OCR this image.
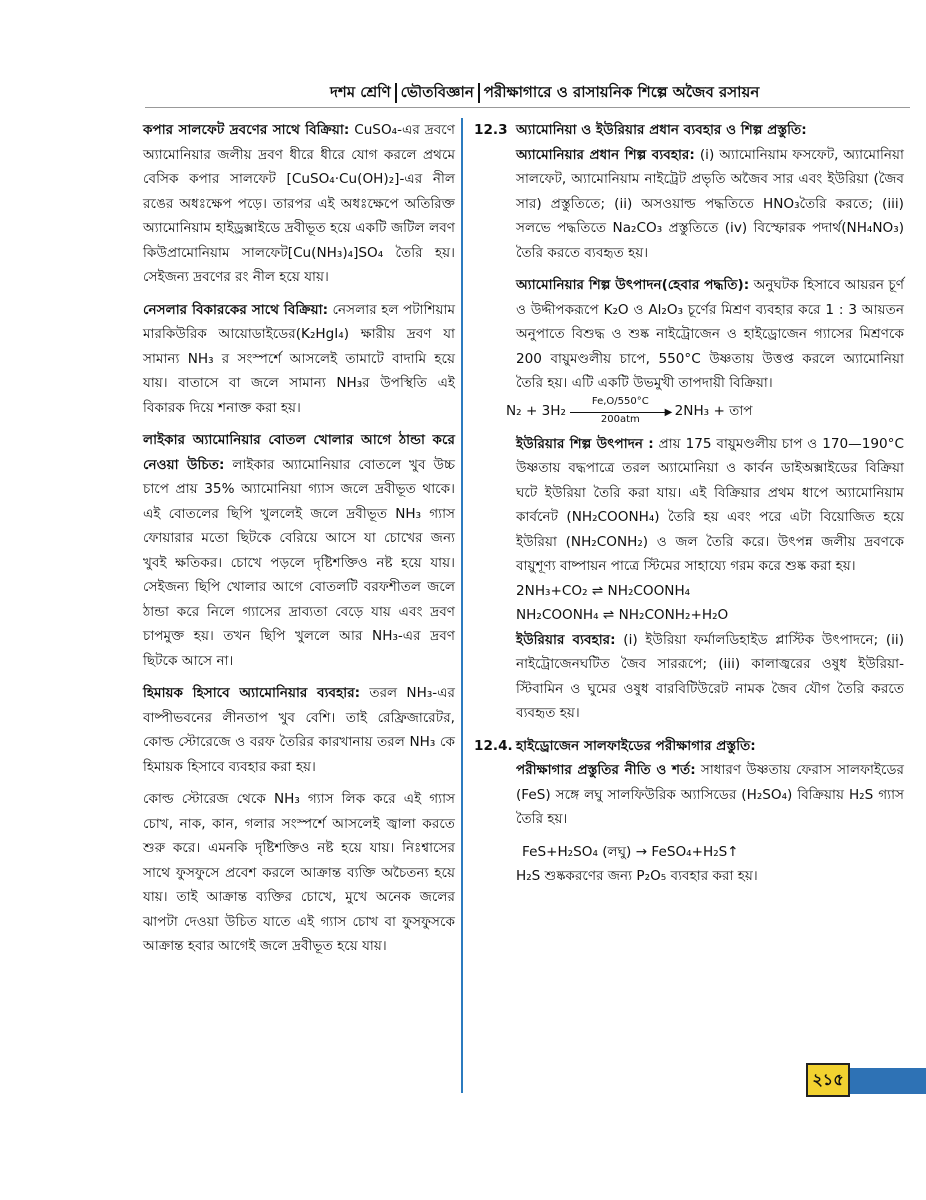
দশম শ্রেণি ভৌতবিজ্ঞান পরীক্ষাগারে ও রাসায়নিক শিল্পে অজৈব রসায়ন

কপার সালফেট দ্রবণের সাথে বিক্রিয়া: CuSO₄-এর দ্রবণে অ্যামোনিয়ার জলীয় দ্রবণ ধীরে ধীরে যোগ করলে প্রথমে বেসিক কপার সালফেট [CuSO₄·Cu(OH)₂]-এর নীল রঙের অধঃক্ষেপ পড়ে। তারপর এই অধঃক্ষেপে অতিরিক্ত অ্যামোনিয়াম হাইড্রক্সাইডে দ্রবীভূত হয়ে একটি জটিল লবণ কিউপ্রামোনিয়াম সালফেট[Cu(NH₃)₄]SO₄ তৈরি হয়। সেইজন্য দ্রবণের রং নীল হয়ে যায়।

নেসলার বিকারকের সাথে বিক্রিয়া: নেসলার হল পটাশিয়াম মারকিউরিক আয়োডাইডের(K₂HgI₄) ক্ষারীয় দ্রবণ যা সামান্য NH₃ র সংস্পর্শে আসলেই তামাটে বাদামি হয়ে যায়। বাতাসে বা জলে সামান্য NH₃র উপস্থিতি এই বিকারক দিয়ে শনাক্ত করা হয়।

লাইকার অ্যামোনিয়ার বোতল খোলার আগে ঠান্ডা করে নেওয়া উচিত: লাইকার অ্যামোনিয়ার বোতলে খুব উচ্চ চাপে প্রায় 35% অ্যামোনিয়া গ্যাস জলে দ্রবীভূত থাকে। এই বোতলের ছিপি খুললেই জলে দ্রবীভূত NH₃ গ্যাস ফোয়ারার মতো ছিটকে বেরিয়ে আসে যা চোখের জন্য খুবই ক্ষতিকর। চোখে পড়লে দৃষ্টিশক্তিও নষ্ট হয়ে যায়। সেইজন্য ছিপি খোলার আগে বোতলটি বরফশীতল জলে ঠান্ডা করে নিলে গ্যাসের দ্রাব্যতা বেড়ে যায় এবং দ্রবণ চাপমুক্ত হয়। তখন ছিপি খুললে আর NH₃-এর দ্রবণ ছিটকে আসে না।

হিমায়ক হিসাবে অ্যামোনিয়ার ব্যবহার: তরল NH₃-এর বাষ্পীভবনের লীনতাপ খুব বেশি। তাই রেফ্রিজারেটর, কোল্ড স্টোরেজে ও বরফ তৈরির কারখানায় তরল NH₃ কে হিমায়ক হিসাবে ব্যবহার করা হয়।

কোল্ড স্টোরেজ থেকে NH₃ গ্যাস লিক করে এই গ্যাস চোখ, নাক, কান, গলার সংস্পর্শে আসলেই জ্বালা করতে শুরু করে। এমনকি দৃষ্টিশক্তিও নষ্ট হয়ে যায়। নিঃশ্বাসের সাথে ফুসফুসে প্রবেশ করলে আক্রান্ত ব্যক্তি অচৈতন্য হয়ে যায়। তাই আক্রান্ত ব্যক্তির চোখে, মুখে অনেক জলের ঝাপটা দেওয়া উচিত যাতে এই গ্যাস চোখ বা ফুসফুসকে আক্রান্ত হবার আগেই জলে দ্রবীভূত হয়ে যায়।

12.3 অ্যামোনিয়া ও ইউরিয়ার প্রধান ব্যবহার ও শিল্প প্রস্তুতি:

অ্যামোনিয়ার প্রধান শিল্প ব্যবহার: (i) অ্যামোনিয়াম ফসফেট, অ্যামোনিয়া সালফেট, অ্যামোনিয়াম নাইট্রেট প্রভৃতি অজৈব সার এবং ইউরিয়া (জৈব সার) প্রস্তুতিতে; (ii) অসওয়াল্ড পদ্ধতিতে HNO₃তৈরি করতে; (iii) সলভে পদ্ধতিতে Na₂CO₃ প্রস্তুতিতে (iv) বিস্ফোরক পদার্থ(NH₄NO₃) তৈরি করতে ব্যবহৃত হয়।

অ্যামোনিয়ার শিল্প উৎপাদন(হেবার পদ্ধতি): অনুঘটক হিসাবে আয়রন চূর্ণ ও উদ্দীপকরূপে K₂O ও Al₂O₃ চূর্ণের মিশ্রণ ব্যবহার করে 1 : 3 আয়তন অনুপাতে বিশুদ্ধ ও শুষ্ক নাইট্রোজেন ও হাইড্রোজেন গ্যাসের মিশ্রণকে 200 বায়ুমণ্ডলীয় চাপে, 550°C উষ্ণতায় উত্তপ্ত করলে অ্যামোনিয়া তৈরি হয়। এটি একটি উভমুখী তাপদায়ী বিক্রিয়া।

N₂ + 3H₂
Fe,O/550°C
▶
200atm
2NH₃ + তাপ

ইউরিয়ার শিল্প উৎপাদন : প্রায় 175 বায়ুমণ্ডলীয় চাপ ও 170—190°C উষ্ণতায় বদ্ধপাত্রে তরল অ্যামোনিয়া ও কার্বন ডাইঅক্সাইডের বিক্রিয়া ঘটে ইউরিয়া তৈরি করা যায়। এই বিক্রিয়ার প্রথম ধাপে অ্যামোনিয়াম কার্বনেট (NH₂COONH₄) তৈরি হয় এবং পরে এটা বিয়োজিত হয়ে ইউরিয়া (NH₂CONH₂) ও জল তৈরি করে। উৎপন্ন জলীয় দ্রবণকে বায়ুশূণ্য বাষ্পায়ন পাত্রে স্টিমের সাহায্যে গরম করে শুষ্ক করা হয়।

2NH₃+CO₂ ⇌ NH₂COONH₄
NH₂COONH₄ ⇌ NH₂CONH₂+H₂O

ইউরিয়ার ব্যবহার: (i) ইউরিয়া ফর্মালডিহাইড প্লাস্টিক উৎপাদনে; (ii) নাইট্রোজেনঘটিত জৈব সাররূপে; (iii) কালাজ্বরের ওষুধ ইউরিয়া-স্টিবামিন ও ঘুমের ওষুধ বারবিটিউরেট নামক জৈব যৌগ তৈরি করতে ব্যবহৃত হয়।

12.4. হাইড্রোজেন সালফাইডের পরীক্ষাগার প্রস্তুতি:

পরীক্ষাগার প্রস্তুতির নীতি ও শর্ত: সাধারণ উষ্ণতায় ফেরাস সালফাইডের (FeS) সঙ্গে লঘু সালফিউরিক অ্যাসিডের (H₂SO₄) বিক্রিয়ায় H₂S গ্যাস তৈরি হয়।

FeS+H₂SO₄ (লঘু) → FeSO₄+H₂S↑
H₂S শুষ্ককরণের জন্য P₂O₅ ব্যবহার করা হয়।
২১৫
